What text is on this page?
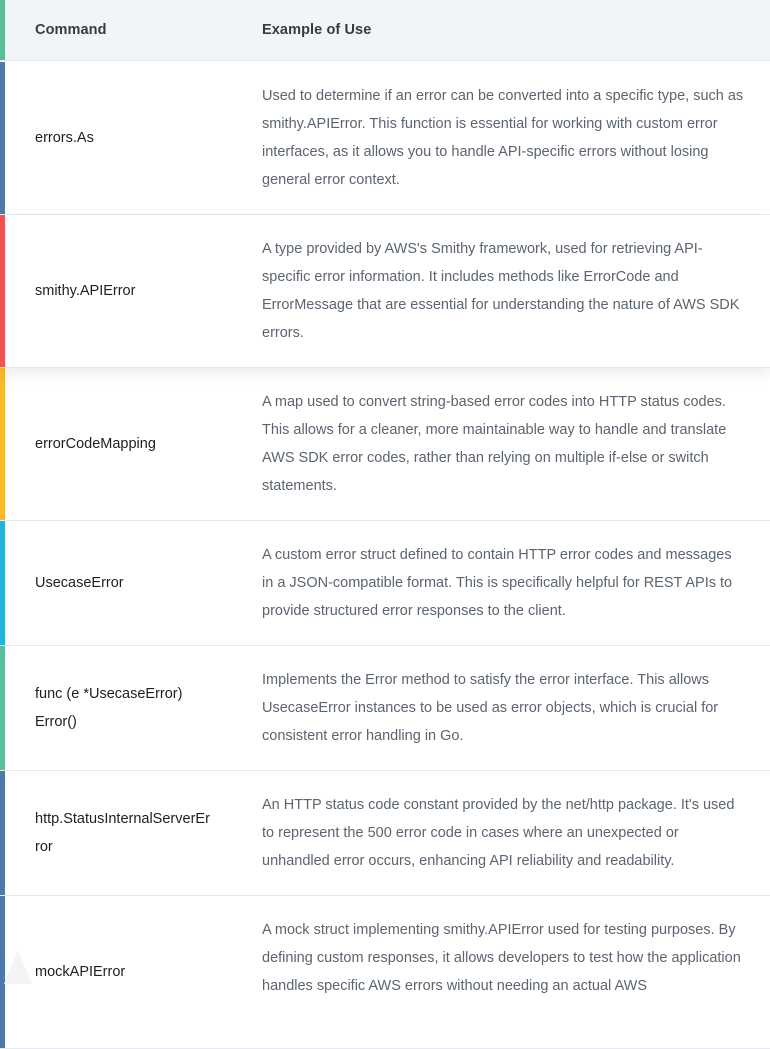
Command	Example of Use
errors.As
Used to determine if an error can be converted into a specific type, such as smithy.APIError. This function is essential for working with custom error interfaces, as it allows you to handle API-specific errors without losing general error context.
smithy.APIError
A type provided by AWS's Smithy framework, used for retrieving API-specific error information. It includes methods like ErrorCode and ErrorMessage that are essential for understanding the nature of AWS SDK errors.
errorCodeMapping
A map used to convert string-based error codes into HTTP status codes. This allows for a cleaner, more maintainable way to handle and translate AWS SDK error codes, rather than relying on multiple if-else or switch statements.
UsecaseError
A custom error struct defined to contain HTTP error codes and messages in a JSON-compatible format. This is specifically helpful for REST APIs to provide structured error responses to the client.
func (e *UsecaseError) Error()
Implements the Error method to satisfy the error interface. This allows UsecaseError instances to be used as error objects, which is crucial for consistent error handling in Go.
http.StatusInternalServerError
An HTTP status code constant provided by the net/http package. It's used to represent the 500 error code in cases where an unexpected or unhandled error occurs, enhancing API reliability and readability.
mockAPIError
A mock struct implementing smithy.APIError used for testing purposes. By defining custom responses, it allows developers to test how the application handles specific AWS errors without needing an actual AWS
